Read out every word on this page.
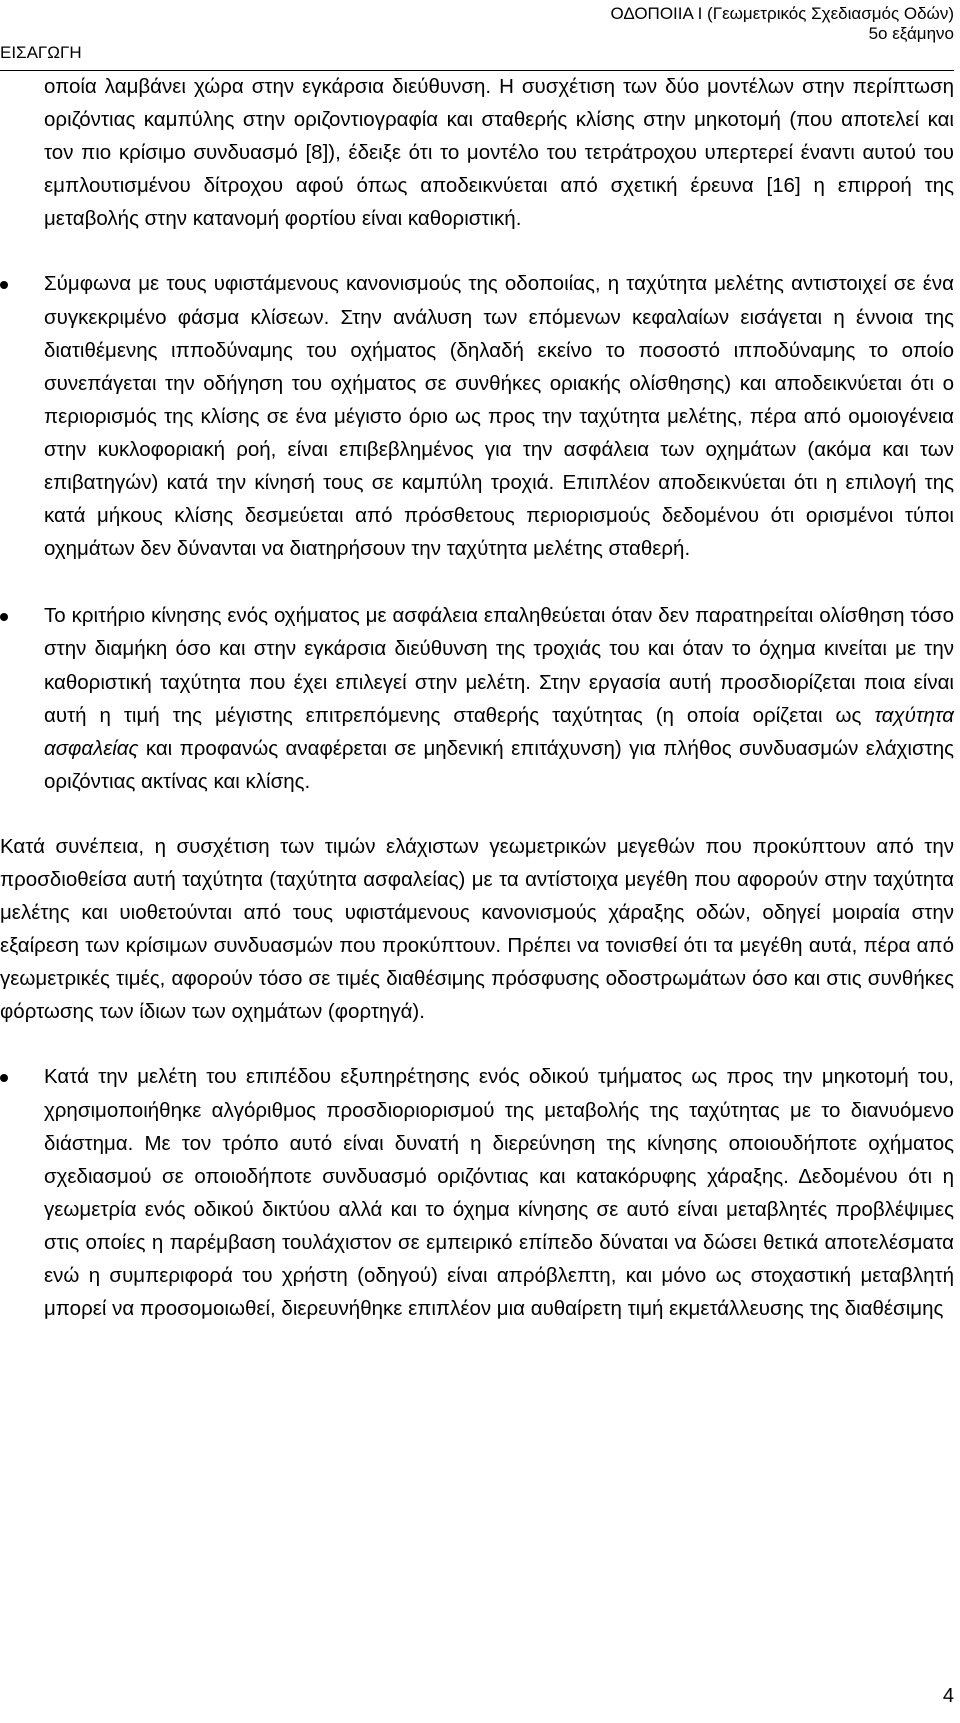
ΕΙΣΑΓΩΓΗ
ΟΔΟΠΟΙΙΑ Ι (Γεωμετρικός Σχεδιασμός Οδών)
5ο εξάμηνο

οποία λαμβάνει χώρα στην εγκάρσια διεύθυνση. Η συσχέτιση των δύο μοντέλων στην περίπτωση οριζόντιας καμπύλης στην οριζοντιογραφία και σταθερής κλίσης στην μηκοτομή (που αποτελεί και τον πιο κρίσιμο συνδυασμό [8]), έδειξε ότι το μοντέλο του τετράτροχου υπερτερεί έναντι αυτού του εμπλουτισμένου δίτροχου αφού όπως αποδεικνύεται από σχετική έρευνα [16] η επιρροή της μεταβολής στην κατανομή φορτίου είναι καθοριστική.

Σύμφωνα με τους υφιστάμενους κανονισμούς της οδοποιίας, η ταχύτητα μελέτης αντιστοιχεί σε ένα συγκεκριμένο φάσμα κλίσεων. Στην ανάλυση των επόμενων κεφαλαίων εισάγεται η έννοια της διατιθέμενης ιπποδύναμης του οχήματος (δηλαδή εκείνο το ποσοστό ιπποδύναμης το οποίο συνεπάγεται την οδήγηση του οχήματος σε συνθήκες οριακής ολίσθησης) και αποδεικνύεται ότι ο περιορισμός της κλίσης σε ένα μέγιστο όριο ως προς την ταχύτητα μελέτης, πέρα από ομοιογένεια στην κυκλοφοριακή ροή, είναι επιβεβλημένος για την ασφάλεια των οχημάτων (ακόμα και των επιβατηγών) κατά την κίνησή τους σε καμπύλη τροχιά. Επιπλέον αποδεικνύεται ότι η επιλογή της κατά μήκους κλίσης δεσμεύεται από πρόσθετους περιορισμούς δεδομένου ότι ορισμένοι τύποι οχημάτων δεν δύνανται να διατηρήσουν την ταχύτητα μελέτης σταθερή.
Το κριτήριο κίνησης ενός οχήματος με ασφάλεια επαληθεύεται όταν δεν παρατηρείται ολίσθηση τόσο στην διαμήκη όσο και στην εγκάρσια διεύθυνση της τροχιάς του και όταν το όχημα κινείται με την καθοριστική ταχύτητα που έχει επιλεγεί στην μελέτη. Στην εργασία αυτή προσδιορίζεται ποια είναι αυτή η τιμή της μέγιστης επιτρεπόμενης σταθερής ταχύτητας (η οποία ορίζεται ως ταχύτητα ασφαλείας και προφανώς αναφέρεται σε μηδενική επιτάχυνση) για πλήθος συνδυασμών ελάχιστης οριζόντιας ακτίνας και κλίσης.

Κατά συνέπεια, η συσχέτιση των τιμών ελάχιστων γεωμετρικών μεγεθών που προκύπτουν από την προσδιοθείσα αυτή ταχύτητα (ταχύτητα ασφαλείας) με τα αντίστοιχα μεγέθη που αφορούν στην ταχύτητα μελέτης και υιοθετούνται από τους υφιστάμενους κανονισμούς χάραξης οδών, οδηγεί μοιραία στην εξαίρεση των κρίσιμων συνδυασμών που προκύπτουν. Πρέπει να τονισθεί ότι τα μεγέθη αυτά, πέρα από γεωμετρικές τιμές, αφορούν τόσο σε τιμές διαθέσιμης πρόσφυσης οδοστρωμάτων όσο και στις συνθήκες φόρτωσης των ίδιων των οχημάτων (φορτηγά).

Κατά την μελέτη του επιπέδου εξυπηρέτησης ενός οδικού τμήματος ως προς την μηκοτομή του, χρησιμοποιήθηκε αλγόριθμος προσδιοριορισμού της μεταβολής της ταχύτητας με το διανυόμενο διάστημα. Με τον τρόπο αυτό είναι δυνατή η διερεύνηση της κίνησης οποιουδήποτε οχήματος σχεδιασμού σε οποιοδήποτε συνδυασμό οριζόντιας και κατακόρυφης χάραξης. Δεδομένου ότι η γεωμετρία ενός οδικού δικτύου αλλά και το όχημα κίνησης σε αυτό είναι μεταβλητές προβλέψιμες στις οποίες η παρέμβαση τουλάχιστον σε εμπειρικό επίπεδο δύναται να δώσει θετικά αποτελέσματα ενώ η συμπεριφορά του χρήστη (οδηγού) είναι απρόβλεπτη, και μόνο ως στοχαστική μεταβλητή μπορεί να προσομοιωθεί, διερευνήθηκε επιπλέον μια αυθαίρετη τιμή εκμετάλλευσης της διαθέσιμης
4
